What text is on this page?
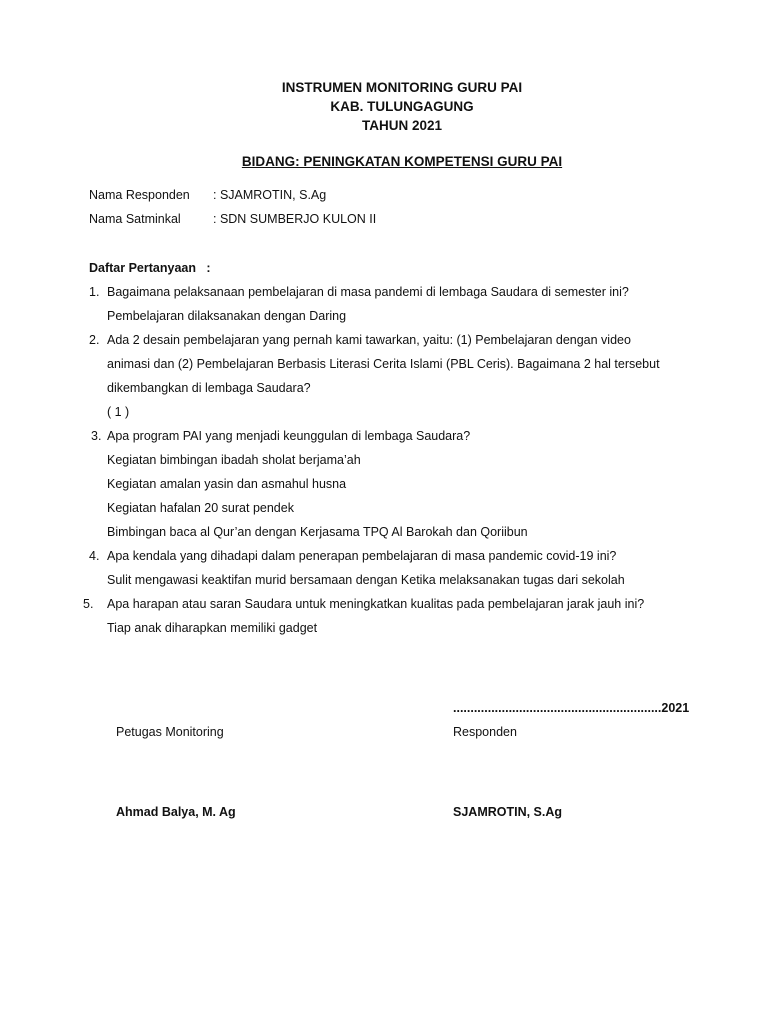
INSTRUMEN MONITORING GURU PAI
KAB. TULUNGAGUNG
TAHUN 2021
BIDANG: PENINGKATAN KOMPETENSI GURU PAI
Nama Responden : SJAMROTIN, S.Ag
Nama Satminkal	: SDN SUMBERJO KULON II
Daftar Pertanyaan   :
1. Bagaimana pelaksanaan pembelajaran di masa pandemi di lembaga Saudara di semester ini?
Pembelajaran dilaksanakan dengan Daring
2. Ada 2 desain pembelajaran yang pernah kami tawarkan, yaitu: (1) Pembelajaran dengan video
animasi dan (2) Pembelajaran Berbasis Literasi Cerita Islami (PBL Ceris). Bagaimana 2 hal tersebut
dikembangkan di lembaga Saudara?
( 1 )
3. Apa program PAI yang menjadi keunggulan di lembaga Saudara?
Kegiatan bimbingan ibadah sholat berjama’ah
Kegiatan amalan yasin dan asmahul husna
Kegiatan hafalan 20 surat pendek
Bimbingan baca al Qur’an dengan Kerjasama TPQ Al Barokah dan Qoriibun
4. Apa kendala yang dihadapi dalam penerapan pembelajaran di masa pandemic covid-19 ini?
Sulit mengawasi keaktifan murid bersamaan dengan Ketika melaksanakan tugas dari sekolah
5. Apa harapan atau saran Saudara untuk meningkatkan kualitas pada pembelajaran jarak jauh ini?
Tiap anak diharapkan memiliki gadget
............................................................2021
Petugas Monitoring	Responden
Ahmad Balya, M. Ag	SJAMROTIN, S.Ag
